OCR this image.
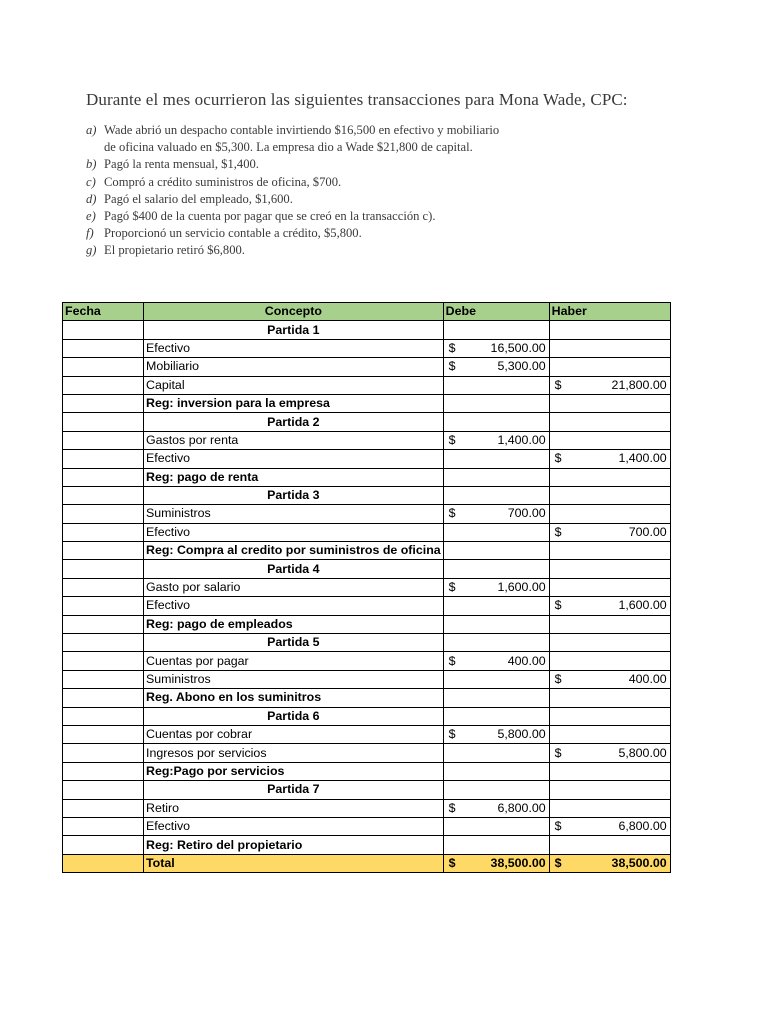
Durante el mes ocurrieron las siguientes transacciones para Mona Wade, CPC:
a) Wade abrió un despacho contable invirtiendo $16,500 en efectivo y mobiliario
de oficina valuado en $5,300. La empresa dio a Wade $21,800 de capital.
b) Pagó la renta mensual, $1,400.
c) Compró a crédito suministros de oficina, $700.
d) Pagó el salario del empleado, $1,600.
e) Pagó $400 de la cuenta por pagar que se creó en la transacción c).
f) Proporcionó un servicio contable a crédito, $5,800.
g) El propietario retiró $6,800.
Fecha	Concepto	Debe	Haber
	Partida 1		
	Efectivo	$ 16,500.00	

	Mobiliario	$ 5,300.00	

	Capital		$ 21,800.00

	Reg: inversion para la empresa		
	Partida 2		
	Gastos por renta	$ 1,400.00	

	Efectivo		$ 1,400.00

	Reg: pago de renta		
	Partida 3		
	Suministros	$ 700.00	

	Efectivo		$ 700.00

	Reg: Compra al credito por suministros de oficina		
	Partida 4		
	Gasto por salario	$ 1,600.00	

	Efectivo		$ 1,600.00

	Reg: pago de empleados		
	Partida 5		
	Cuentas por pagar	$ 400.00	

	Suministros		$ 400.00

	Reg. Abono en los suminitros		
	Partida 6		
	Cuentas por cobrar	$ 5,800.00	

	Ingresos por servicios		$ 5,800.00

	Reg:Pago por servicios		
	Partida 7		
	Retiro	$ 6,800.00	

	Efectivo		$ 6,800.00

	Reg: Retiro del propietario		
	Total	$ 38,500.00	$ 38,500.00
